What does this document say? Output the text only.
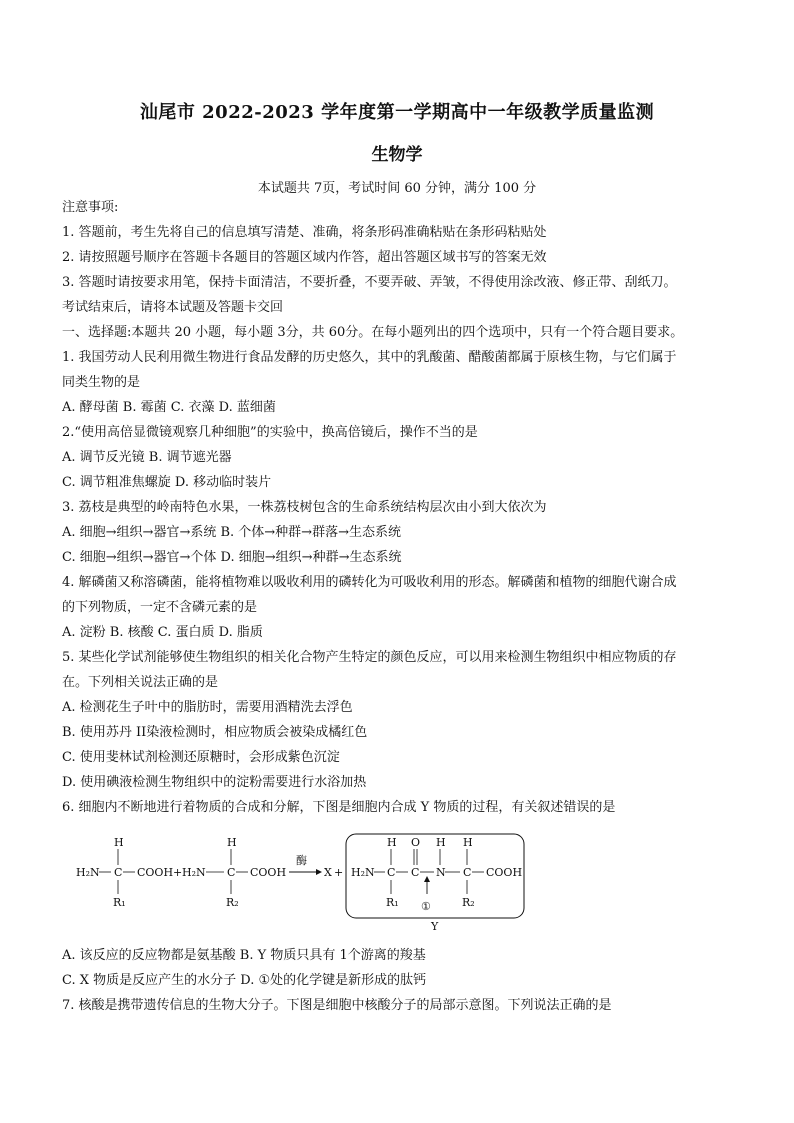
汕尾市 2022-2023 学年度第一学期高中一年级教学质量监测
生物学
本试题共 7页，考试时间 60 分钟，满分 100 分
注意事项:
1. 答题前，考生先将自己的信息填写清楚、准确，将条形码准确粘贴在条形码粘贴处
2. 请按照题号顺序在答题卡各题目的答题区域内作答，超出答题区域书写的答案无效
3. 答题时请按要求用笔，保持卡面清洁，不要折叠，不要弄破、弄皱，不得使用涂改液、修正带、刮纸刀。
考试结束后，请将本试题及答题卡交回
一、选择题:本题共 20 小题，每小题 3分，共 60分。在每小题列出的四个选项中，只有一个符合题目要求。
1. 我国劳动人民利用微生物进行食品发酵的历史悠久，其中的乳酸菌、醋酸菌都属于原核生物，与它们属于
同类生物的是
A. 酵母菌 B. 霉菌 C. 衣藻 D. 蓝细菌
2.“使用高倍显微镜观察几种细胞”的实验中，换高倍镜后，操作不当的是
A. 调节反光镜 B. 调节遮光器
C. 调节粗准焦螺旋 D. 移动临时装片
3. 荔枝是典型的岭南特色水果，一株荔枝树包含的生命系统结构层次由小到大依次为
A. 细胞→组织→器官→系统 B. 个体→种群→群落→生态系统
C. 细胞→组织→器官→个体 D. 细胞→组织→种群→生态系统
4. 解磷菌又称溶磷菌，能将植物难以吸收利用的磷转化为可吸收利用的形态。解磷菌和植物的细胞代谢合成
的下列物质，一定不含磷元素的是
A. 淀粉 B. 核酸 C. 蛋白质 D. 脂质
5. 某些化学试剂能够使生物组织的相关化合物产生特定的颜色反应，可以用来检测生物组织中相应物质的存
在。下列相关说法正确的是
A. 检测花生子叶中的脂肪时，需要用酒精洗去浮色
B. 使用苏丹 II染液检测时，相应物质会被染成橘红色
C. 使用斐林试剂检测还原糖时，会形成紫色沉淀
D. 使用碘液检测生物组织中的淀粉需要进行水浴加热
6. 细胞内不断地进行着物质的合成和分解，下图是细胞内合成 Y 物质的过程，有关叙述错误的是
H
H₂N C COOH
R₁
+
H
H₂N C COOH
R₂
酶
X + H₂N
H
C
R₁
O
C
H
N
H
C
R₂
COOH
①
Y
A. 该反应的反应物都是氨基酸 B. Y 物质只具有 1个游离的羧基
C. X 物质是反应产生的水分子 D. ①处的化学键是新形成的肽钙
7. 核酸是携带遗传信息的生物大分子。下图是细胞中核酸分子的局部示意图。下列说法正确的是
